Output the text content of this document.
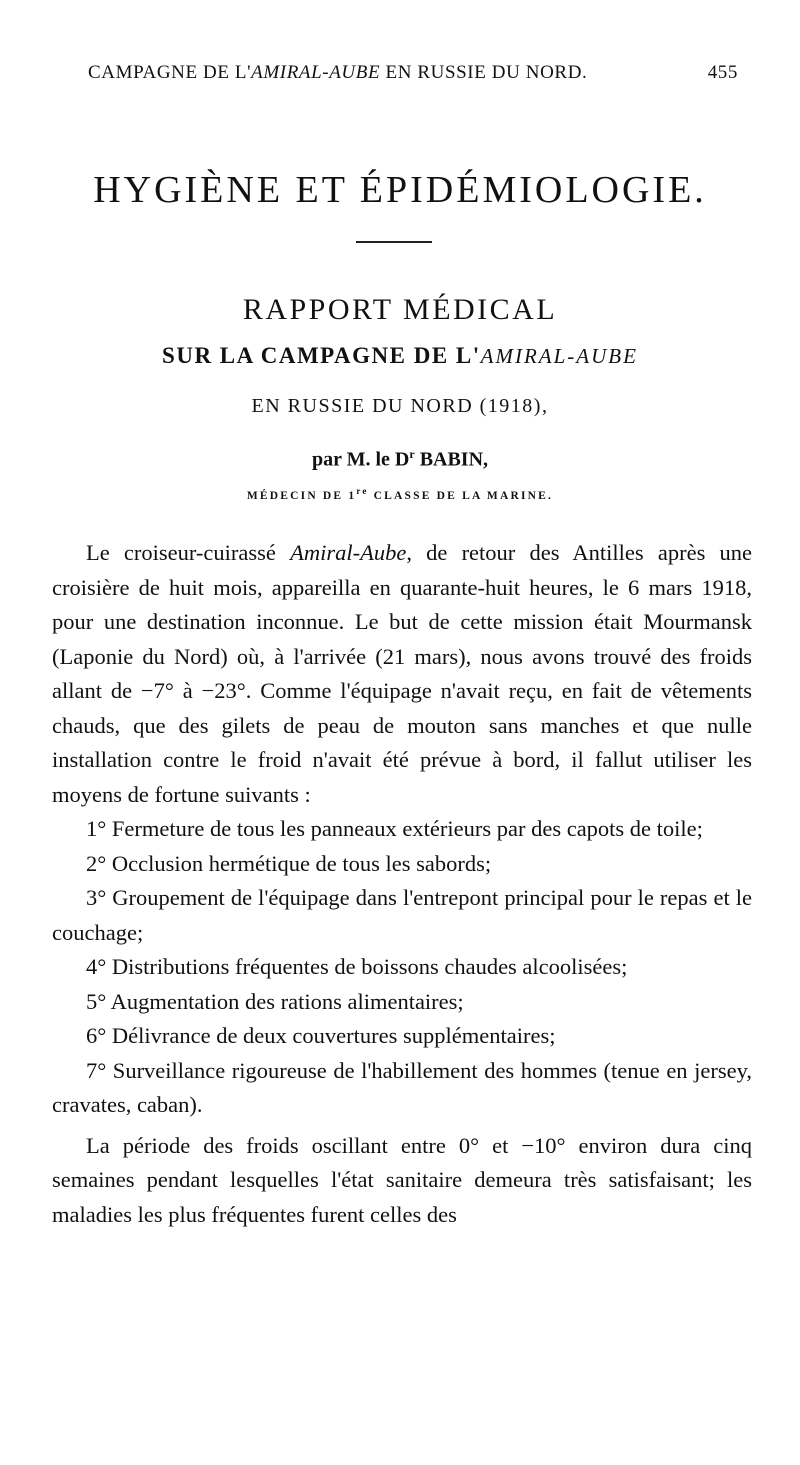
CAMPAGNE DE L'AMIRAL-AUBE EN RUSSIE DU NORD.	455
HYGIÈNE ET ÉPIDÉMIOLOGIE.
RAPPORT MÉDICAL
SUR LA CAMPAGNE DE L'AMIRAL-AUBE
EN RUSSIE DU NORD (1918),
par M. le $D^r$ BABIN,
MÉDECIN DE 1re CLASSE DE LA MARINE.

Le croiseur-cuirassé Amiral-Aube, de retour des Antilles après une croisière de huit mois, appareilla en quarante-huit heures, le 6 mars 1918, pour une destination inconnue. Le but de cette mission était Mourmansk (Laponie du Nord) où, à l'arrivée (21 mars), nous avons trouvé des froids allant de −7° à −23°. Comme l'équipage n'avait reçu, en fait de vêtements chauds, que des gilets de peau de mouton sans manches et que nulle installation contre le froid n'avait été prévue à bord, il fallut utiliser les moyens de fortune suivants :

1° Fermeture de tous les panneaux extérieurs par des capots de toile;

2° Occlusion hermétique de tous les sabords;

3° Groupement de l'équipage dans l'entrepont principal pour le repas et le couchage;

4° Distributions fréquentes de boissons chaudes alcoolisées;

5° Augmentation des rations alimentaires;

6° Délivrance de deux couvertures supplémentaires;

7° Surveillance rigoureuse de l'habillement des hommes (tenue en jersey, cravates, caban).

La période des froids oscillant entre 0° et −10° environ dura cinq semaines pendant lesquelles l'état sanitaire demeura très satisfaisant; les maladies les plus fréquentes furent celles des
